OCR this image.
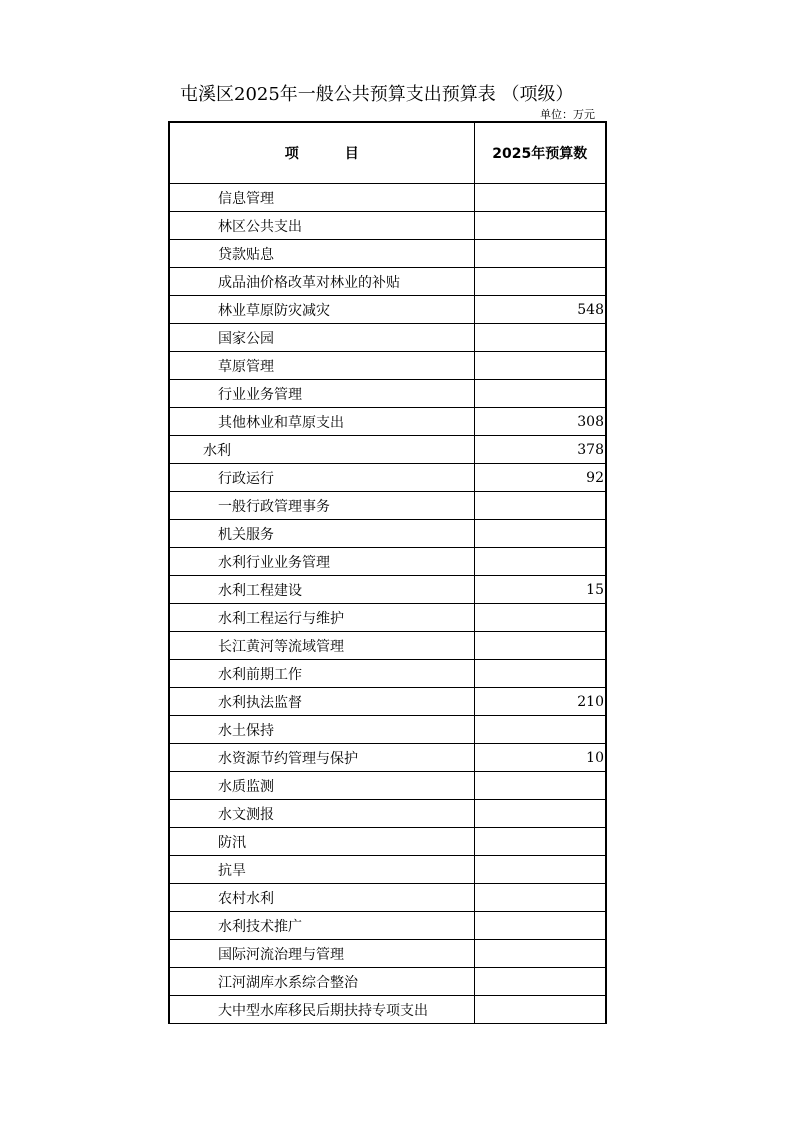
屯溪区2025年一般公共预算支出预算表 （项级）
单位：万元
项 目	2025年预算数
信息管理	
林区公共支出	
贷款贴息	
成品油价格改革对林业的补贴	
林业草原防灾减灾	548
国家公园	
草原管理	
行业业务管理	
其他林业和草原支出	308
水利	378
行政运行	92
一般行政管理事务	
机关服务	
水利行业业务管理	
水利工程建设	15
水利工程运行与维护	
长江黄河等流域管理	
水利前期工作	
水利执法监督	210
水土保持	
水资源节约管理与保护	10
水质监测	
水文测报	
防汛	
抗旱	
农村水利	
水利技术推广	
国际河流治理与管理	
江河湖库水系综合整治	
大中型水库移民后期扶持专项支出	
